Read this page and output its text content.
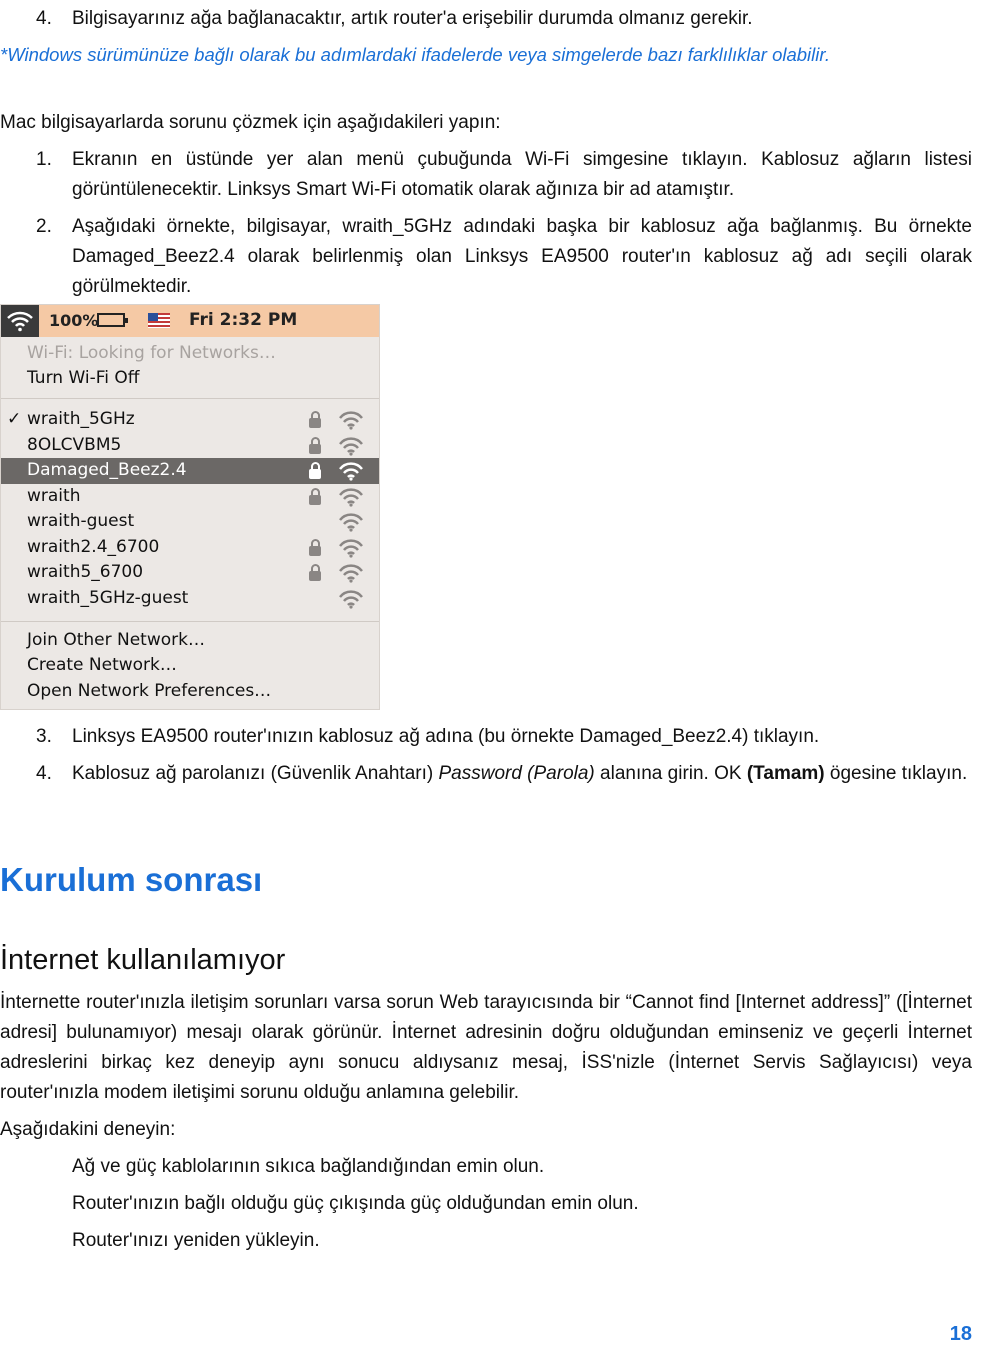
4. Bilgisayarınız ağa bağlanacaktır, artık router'a erişebilir durumda olmanız gerekir.
*Windows sürümünüze bağlı olarak bu adımlardaki ifadelerde veya simgelerde bazı farklılıklar olabilir.
Mac bilgisayarlarda sorunu çözmek için aşağıdakileri yapın:
1. Ekranın en üstünde yer alan menü çubuğunda Wi-Fi simgesine tıklayın. Kablosuz ağların listesi görüntülenecektir. Linksys Smart Wi-Fi otomatik olarak ağınıza bir ad atamıştır.
2. Aşağıdaki örnekte, bilgisayar, wraith_5GHz adındaki başka bir kablosuz ağa bağlanmış. Bu örnekte Damaged_Beez2.4 olarak belirlenmiş olan Linksys EA9500 router'ın kablosuz ağ adı seçili olarak görülmektedir.
100%	Fri 2:32 PM
Wi-Fi: Looking for Networks…
Turn Wi-Fi Off
✓ wraith_5GHz
8OLCVBM5
Damaged_Beez2.4
wraith
wraith-guest
wraith2.4_6700
wraith5_6700
wraith_5GHz-guest
Join Other Network…
Create Network…
Open Network Preferences…
3. Linksys EA9500 router'ınızın kablosuz ağ adına (bu örnekte Damaged_Beez2.4) tıklayın.
4. Kablosuz ağ parolanızı (Güvenlik Anahtarı) Password (Parola) alanına girin. OK (Tamam) ögesine tıklayın.
Kurulum sonrası
İnternet kullanılamıyor
İnternette router'ınızla iletişim sorunları varsa sorun Web tarayıcısında bir “Cannot find [Internet address]” ([İnternet adresi] bulunamıyor) mesajı olarak görünür. İnternet adresinin doğru olduğundan eminseniz ve geçerli İnternet adreslerini birkaç kez deneyip aynı sonucu aldıysanız mesaj, İSS'nizle (İnternet Servis Sağlayıcısı) veya router'ınızla modem iletişimi sorunu olduğu anlamına gelebilir.
Aşağıdakini deneyin:
Ağ ve güç kablolarının sıkıca bağlandığından emin olun.
Router'ınızın bağlı olduğu güç çıkışında güç olduğundan emin olun.
Router'ınızı yeniden yükleyin.
18
